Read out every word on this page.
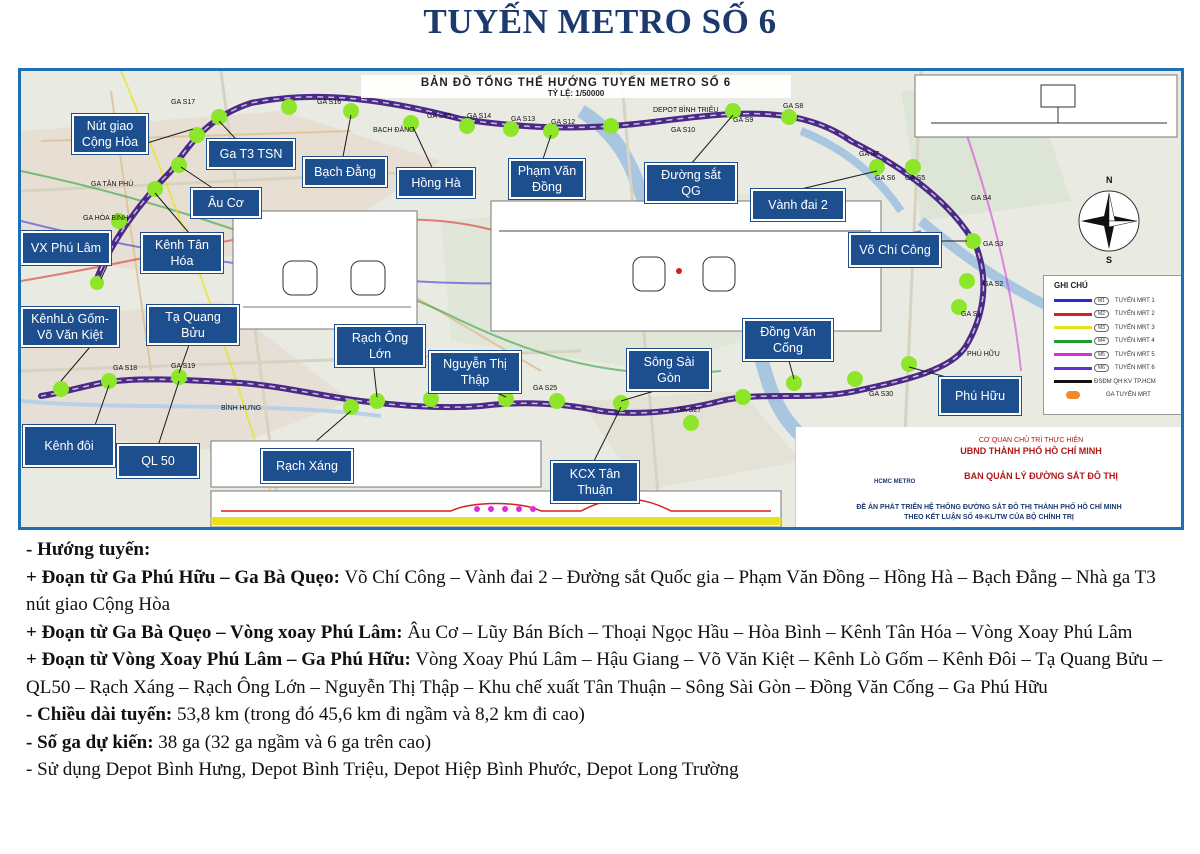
TUYẾN METRO SỐ 6
BẢN ĐỒ TỔNG THỂ HƯỚNG TUYẾN METRO SỐ 6
TỶ LỆ: 1/50000
GA S17	GA S16
GA S15 GA S14	GA S13 GA S12
GA S10
GA S9
GA S8
GA S7
GA S6 GA S5
GA S4
GA S3
GA S2
GA S1
GA S25
GA S27
GA S30
GA S19
GA S18
DEPOT BÌNH TRIỆU
BẠCH ĐẰNG
GA TÂN PHÚ
GA HÒA BÌNH
PHÚ HỮU
BÌNH HƯNG
N
S
Nút giao
Cộng Hòa
Ga T3 TSN
Bạch Đằng
Hồng Hà
Phạm Văn
Đồng
Đường sắt
QG
Vành đai 2
Âu Cơ
VX Phú Lâm	Kênh Tân
Hóa
Võ Chí Công
KênhLò Gốm-
Võ Văn Kiệt
Tạ Quang
Bửu	Rạch Ông
Lớn
Nguyễn Thị
Thập
Sông Sài
Gòn
Đồng Văn
Cống
Phú Hữu
Kênh đôi
QL 50	Rạch Xáng
KCX Tân
Thuận
GHI CHÚ
M1	TUYẾN MRT 1
M2	TUYẾN MRT 2
M3	TUYẾN MRT 3
M4	TUYẾN MRT 4
M5	TUYẾN MRT 5
M6	TUYẾN MRT 6
ĐSĐM QH KV TP.HCM
GA TUYẾN MRT
CƠ QUAN CHỦ TRÌ THỰC HIỆN
UBND THÀNH PHỐ HỒ CHÍ MINH
BAN QUẢN LÝ ĐƯỜNG SẮT ĐÔ THỊ
HCMC METRO
ĐỀ ÁN PHÁT TRIỂN HỆ THỐNG ĐƯỜNG SẮT ĐÔ THỊ THÀNH PHỐ HỒ CHÍ MINH
THEO KẾT LUẬN SỐ 49-KL/TW CỦA BỘ CHÍNH TRỊ

- Hướng tuyến:

+ Đoạn từ Ga Phú Hữu – Ga Bà Quẹo: Võ Chí Công – Vành đai 2 – Đường sắt Quốc gia – Phạm Văn Đồng – Hồng Hà – Bạch Đằng – Nhà ga T3 nút giao Cộng Hòa

+ Đoạn từ Ga Bà Quẹo – Vòng xoay Phú Lâm: Âu Cơ – Lũy Bán Bích – Thoại Ngọc Hầu – Hòa Bình – Kênh Tân Hóa – Vòng Xoay Phú Lâm

+ Đoạn từ Vòng Xoay Phú Lâm – Ga Phú Hữu: Vòng Xoay Phú Lâm – Hậu Giang – Võ Văn Kiệt – Kênh Lò Gốm – Kênh Đôi – Tạ Quang Bửu – QL50 – Rạch Xáng – Rạch Ông Lớn – Nguyễn Thị Thập – Khu chế xuất Tân Thuận – Sông Sài Gòn – Đồng Văn Cống – Ga Phú Hữu

- Chiều dài tuyến: 53,8 km (trong đó 45,6 km đi ngầm và 8,2 km đi cao)

- Số ga dự kiến: 38 ga (32 ga ngầm và 6 ga trên cao)

- Sử dụng Depot Bình Hưng, Depot Bình Triệu, Depot Hiệp Bình Phước, Depot Long Trường
